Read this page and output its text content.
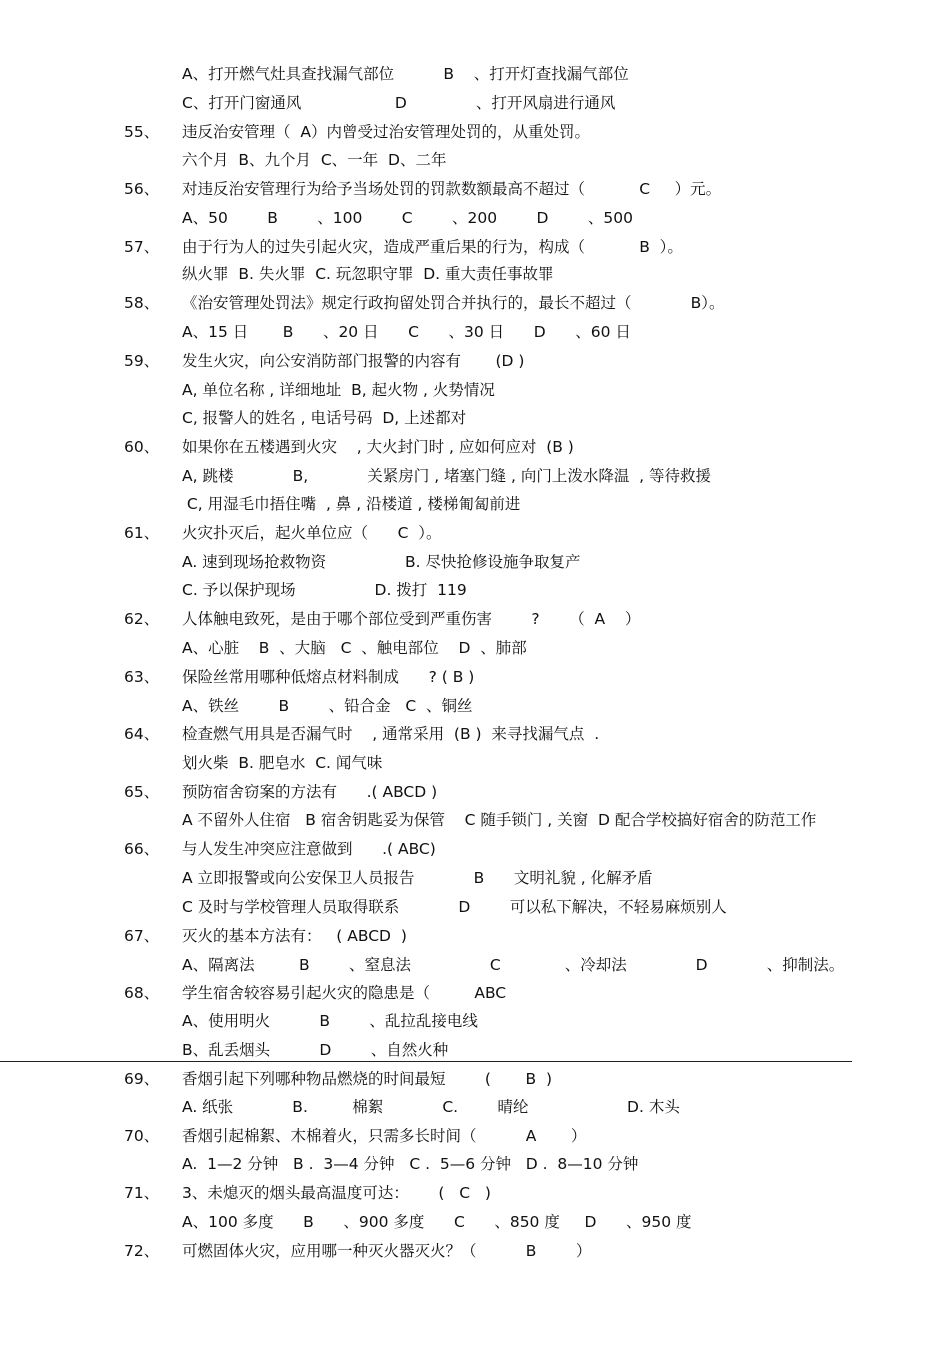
A、打开燃气灶具查找漏气部位          B    、打开灯查找漏气部位
C、打开门窗通风                   D              、打开风扇进行通风
55、 违反治安管理（  A）内曾受过治安管理处罚的，从重处罚。
六个月  B、九个月  C、一年  D、二年
56、 对违反治安管理行为给予当场处罚的罚款数额最高不超过（           C     ）元。
A、50        B        、100        C        、200        D        、500
57、 由于行为人的过失引起火灾，造成严重后果的行为，构成（           B  ）。
纵火罪  B. 失火罪  C. 玩忽职守罪  D. 重大责任事故罪
58、 《治安管理处罚法》规定行政拘留处罚合并执行的，最长不超过（            B）。
A、15 日       B      、20 日      C      、30 日      D      、60 日
59、 发生火灾，向公安消防部门报警的内容有       (D )
A, 单位名称 , 详细地址  B, 起火物 , 火势情况
C, 报警人的姓名 , 电话号码  D, 上述都对
60、 如果你在五楼遇到火灾    , 大火封门时 , 应如何应对  (B )
A, 跳楼            B,            关紧房门 , 堵塞门缝 , 向门上泼水降温  , 等待救援
C, 用湿毛巾捂住嘴  , 鼻 , 沿楼道 , 楼梯匍匐前进
61、 火灾扑灭后，起火单位应（      C  ）。
A. 速到现场抢救物资                B. 尽快抢修设施争取复产
C. 予以保护现场                D. 拨打  119
62、 人体触电致死，是由于哪个部位受到严重伤害        ?      （  A    ）
A、心脏    B  、大脑   C  、触电部位    D  、肺部
63、 保险丝常用哪种低熔点材料制成      ? ( B )
A、铁丝        B        、铅合金   C  、铜丝
64、 检查燃气用具是否漏气时    , 通常采用  (B )  来寻找漏气点  .
划火柴  B. 肥皂水  C. 闻气味
65、 预防宿舍窃案的方法有      .( ABCD )
A 不留外人住宿   B 宿舍钥匙妥为保管    C 随手锁门 , 关窗  D 配合学校搞好宿舍的防范工作
66、 与人发生冲突应注意做到      .( ABC)
A 立即报警或向公安保卫人员报告            B      文明礼貌 , 化解矛盾
C 及时与学校管理人员取得联系            D        可以私下解决，不轻易麻烦别人
67、 灭火的基本方法有：   ( ABCD  )
A、隔离法         B        、窒息法                C             、冷却法              D            、抑制法。
68、 学生宿舍较容易引起火灾的隐患是（         ABC
A、使用明火          B        、乱拉乱接电线
B、乱丢烟头          D        、自然火种
69、 香烟引起下列哪种物品燃烧的时间最短        (       B  )
A. 纸张            B.         棉絮            C.        晴纶                    D. 木头
70、 香烟引起棉絮、木棉着火，只需多长时间（          A       ）
A.  1—2 分钟   B .  3—4 分钟   C .  5—6 分钟   D .  8—10 分钟
71、 3、未熄灭的烟头最高温度可达：      (   C   )
A、100 多度      B      、900 多度      C      、850 度     D      、950 度
72、 可燃固体火灾，应用哪一种灭火器灭火？（          B        ）
